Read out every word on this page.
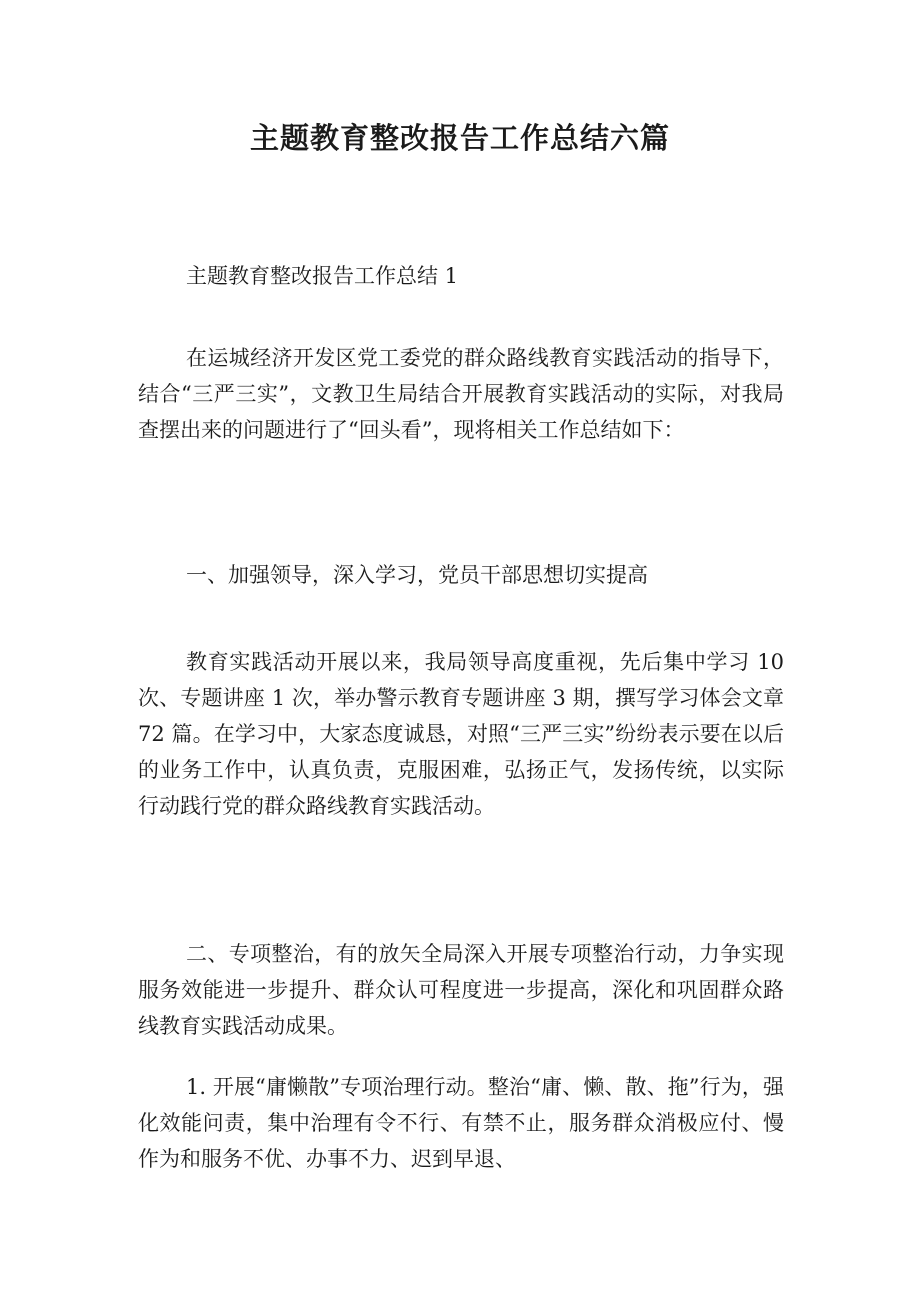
主题教育整改报告工作总结六篇

主题教育整改报告工作总结 1

在运城经济开发区党工委党的群众路线教育实践活动的指导下，结合“三严三实”，文教卫生局结合开展教育实践活动的实际，对我局查摆出来的问题进行了“回头看”，现将相关工作总结如下：

一、加强领导，深入学习，党员干部思想切实提高

教育实践活动开展以来，我局领导高度重视，先后集中学习 10 次、专题讲座 1 次，举办警示教育专题讲座 3 期，撰写学习体会文章 72 篇。在学习中，大家态度诚恳，对照“三严三实”纷纷表示要在以后的业务工作中，认真负责，克服困难，弘扬正气，发扬传统，以实际行动践行党的群众路线教育实践活动。

二、专项整治，有的放矢全局深入开展专项整治行动，力争实现服务效能进一步提升、群众认可程度进一步提高，深化和巩固群众路线教育实践活动成果。

1. 开展“庸懒散”专项治理行动。整治“庸、懒、散、拖”行为，强化效能问责，集中治理有令不行、有禁不止，服务群众消极应付、慢作为和服务不优、办事不力、迟到早退、
